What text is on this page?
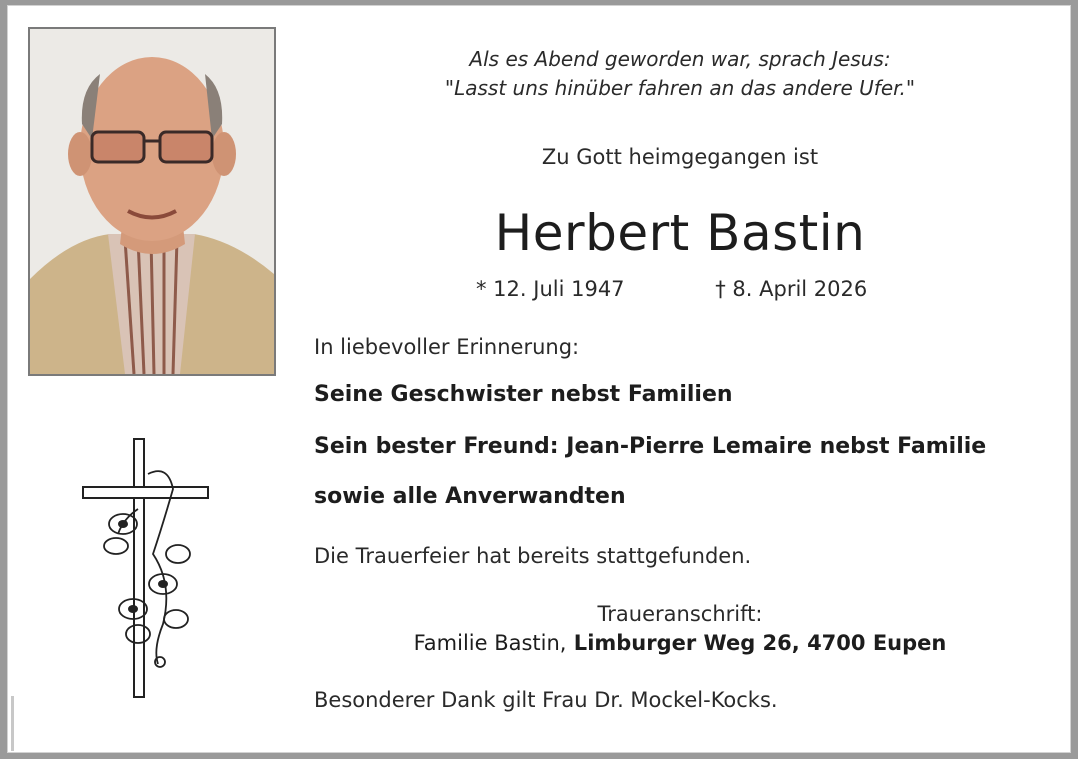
Als es Abend geworden war, sprach Jesus:
"Lasst uns hinüber fahren an das andere Ufer."
Zu Gott heimgegangen ist
Herbert Bastin
* 12. Juli 1947	† 8. April 2026
In liebevoller Erinnerung:
Seine Geschwister nebst Familien
Sein bester Freund: Jean-Pierre Lemaire nebst Familie
sowie alle Anverwandten
Die Trauerfeier hat bereits stattgefunden.
Traueranschrift:
Familie Bastin, Limburger Weg 26, 4700 Eupen
Besonderer Dank gilt Frau Dr. Mockel-Kocks.
